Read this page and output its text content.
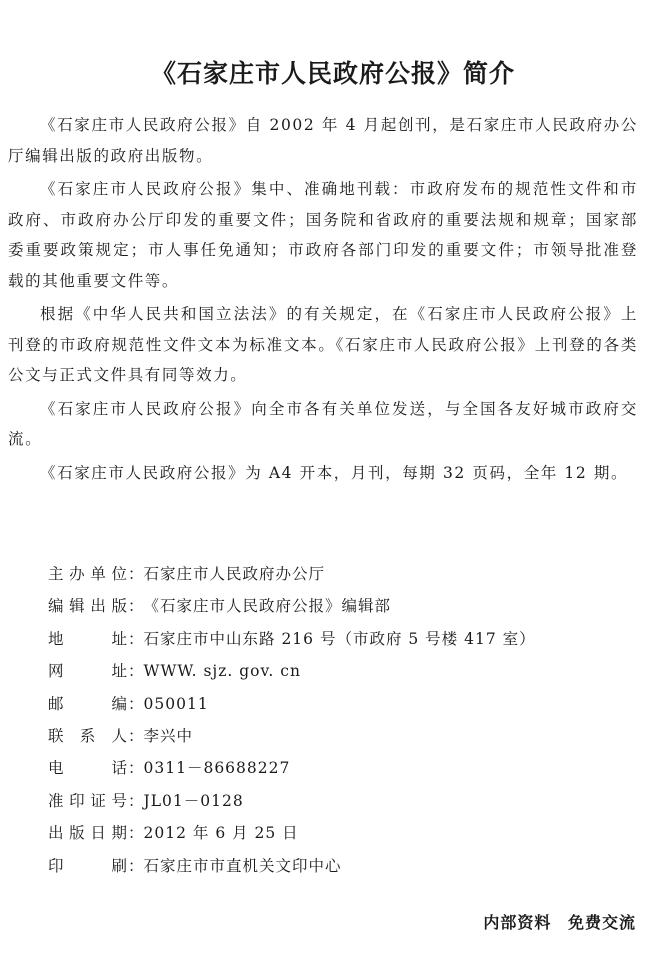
《石家庄市人民政府公报》简介

《石家庄市人民政府公报》自 2002 年 4 月起创刊，是石家庄市人民政府办公厅编辑出版的政府出版物。

《石家庄市人民政府公报》集中、准确地刊载：市政府发布的规范性文件和市政府、市政府办公厅印发的重要文件；国务院和省政府的重要法规和规章；国家部委重要政策规定；市人事任免通知；市政府各部门印发的重要文件；市领导批准登载的其他重要文件等。

根据《中华人民共和国立法法》的有关规定，在《石家庄市人民政府公报》上刊登的市政府规范性文件文本为标准文本。《石家庄市人民政府公报》上刊登的各类公文与正式文件具有同等效力。

《石家庄市人民政府公报》向全市各有关单位发送，与全国各友好城市政府交流。

《石家庄市人民政府公报》为 A4 开本，月刊，每期 32 页码，全年 12 期。

主办单位 ： 石家庄市人民政府办公厅
编辑出版 ： 《石家庄市人民政府公报》编辑部
地址 ： 石家庄市中山东路 216 号（市政府 5 号楼 417 室）
网址 ： WWW. sjz. gov. cn
邮编 ： 050011
联系人 ： 李兴中
电话 ： 0311－86688227
准印证号 ： JL01－0128
出版日期 ： 2012 年 6 月 25 日
印刷 ： 石家庄市市直机关文印中心
内部资料 免费交流
